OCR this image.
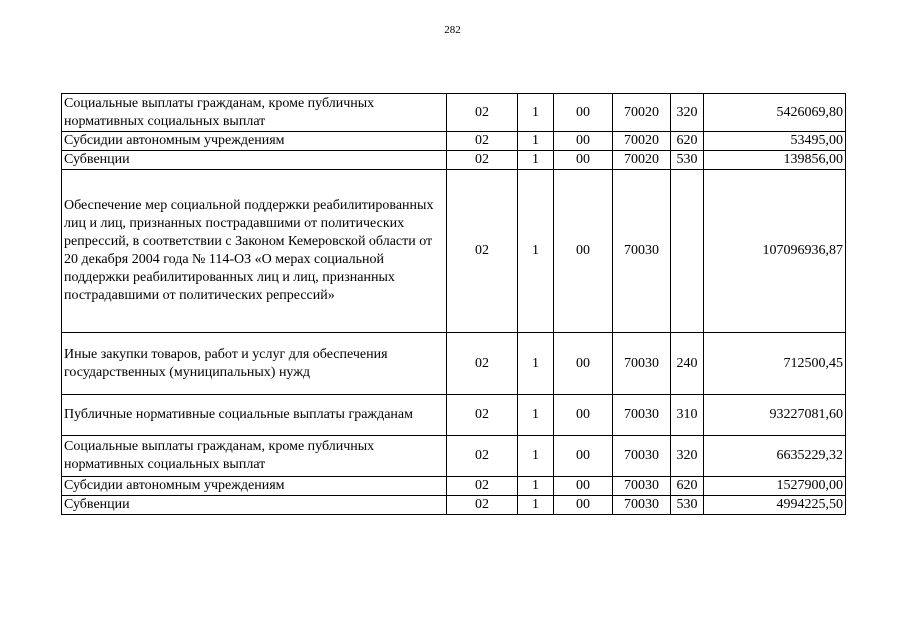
282
Социальные выплаты гражданам, кроме публичных нормативных социальных выплат	02	1	00	70020	320	5426069,80
Субсидии автономным учреждениям	02	1	00	70020	620	53495,00
Субвенции	02	1	00	70020	530	139856,00
Обеспечение мер социальной поддержки реабилитированных лиц и лиц, признанных пострадавшими от политических репрессий, в соответствии с Законом Кемеровской области от 20 декабря 2004 года № 114-ОЗ «О мерах социальной поддержки реабилитированных лиц и лиц, признанных пострадавшими от политических репрессий»	02	1	00	70030		107096936,87
Иные закупки товаров, работ и услуг для обеспечения государственных (муниципальных) нужд	02	1	00	70030	240	712500,45
Публичные нормативные социальные выплаты гражданам	02	1	00	70030	310	93227081,60
Социальные выплаты гражданам, кроме публичных нормативных социальных выплат	02	1	00	70030	320	6635229,32
Субсидии автономным учреждениям	02	1	00	70030	620	1527900,00
Субвенции	02	1	00	70030	530	4994225,50
